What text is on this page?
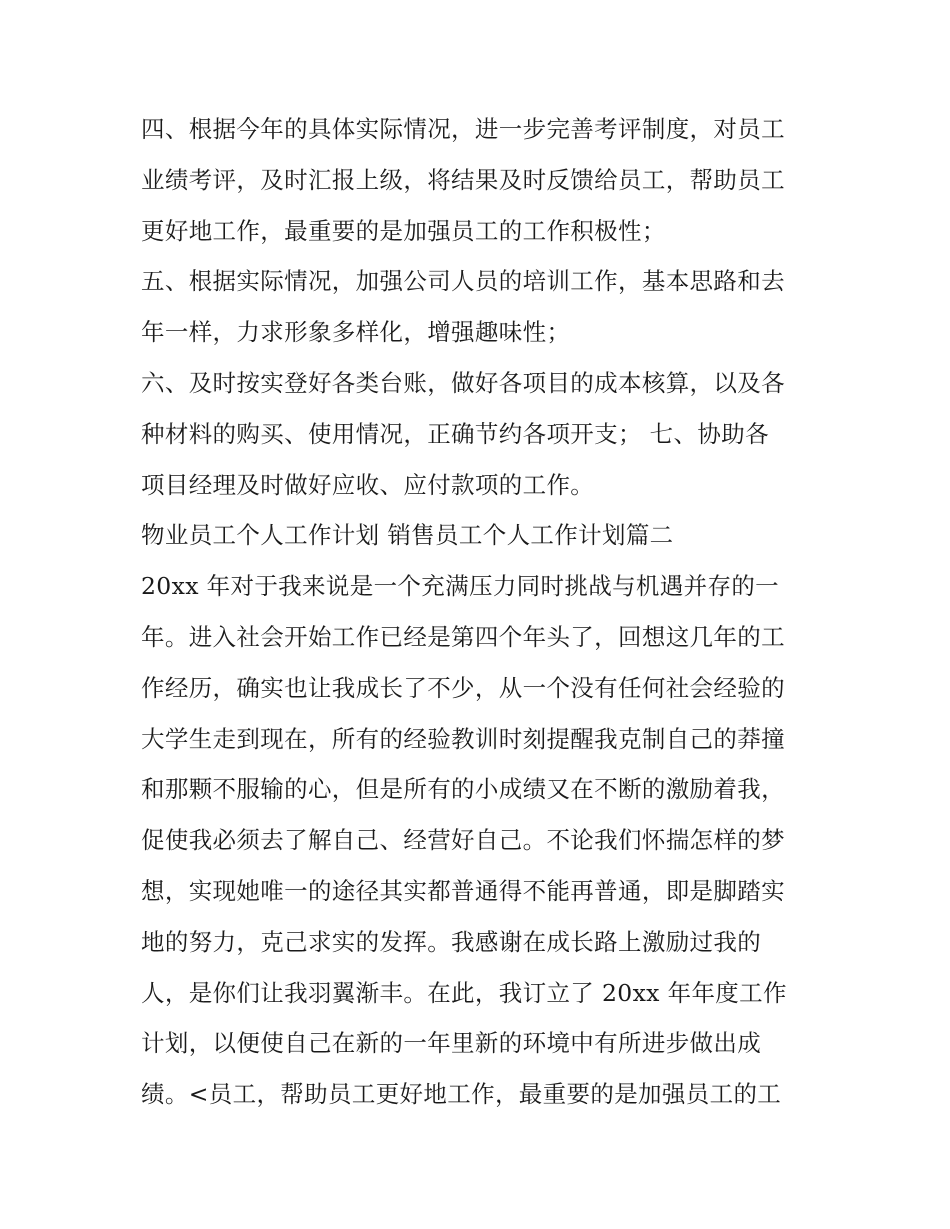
四、根据今年的具体实际情况，进一步完善考评制度，对员工
业绩考评，及时汇报上级，将结果及时反馈给员工，帮助员工
更好地工作，最重要的是加强员工的工作积极性；
五、根据实际情况，加强公司人员的培训工作，基本思路和去
年一样，力求形象多样化，增强趣味性；
六、及时按实登好各类台账，做好各项目的成本核算，以及各
种材料的购买、使用情况，正确节约各项开支； 七、协助各
项目经理及时做好应收、应付款项的工作。
物业员工个人工作计划 销售员工个人工作计划篇二
20xx 年对于我来说是一个充满压力同时挑战与机遇并存的一
年。进入社会开始工作已经是第四个年头了，回想这几年的工
作经历，确实也让我成长了不少，从一个没有任何社会经验的
大学生走到现在，所有的经验教训时刻提醒我克制自己的莽撞
和那颗不服输的心，但是所有的小成绩又在不断的激励着我，
促使我必须去了解自己、经营好自己。不论我们怀揣怎样的梦
想，实现她唯一的途径其实都普通得不能再普通，即是脚踏实
地的努力，克己求实的发挥。我感谢在成长路上激励过我的
人，是你们让我羽翼渐丰。在此，我订立了 20xx 年年度工作
计划，以便使自己在新的一年里新的环境中有所进步做出成
绩。<员工，帮助员工更好地工作，最重要的是加强员工的工
